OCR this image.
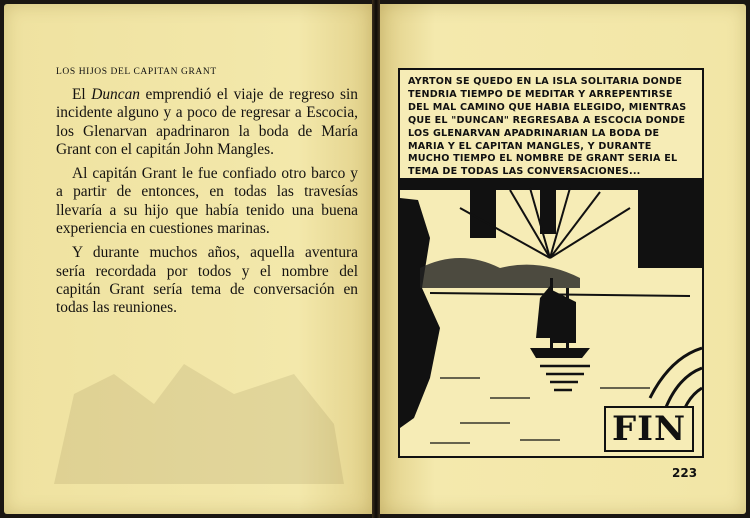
LOS HIJOS DEL CAPITAN GRANT

El Duncan emprendió el viaje de regreso sin incidente alguno y a poco de regresar a Escocia, los Glenarvan apadrinaron la boda de María Grant con el capitán John Mangles.

Al capitán Grant le fue confiado otro barco y a partir de entonces, en todas las travesías llevaría a su hijo que había tenido una buena experiencia en cuestiones marinas.

Y durante muchos años, aquella aventura sería recordada por todos y el nombre del capitán Grant sería tema de conversación en todas las reuniones.

AYRTON SE QUEDO EN LA ISLA SOLITARIA DONDE TENDRIA TIEMPO DE MEDITAR Y ARREPENTIRSE DEL MAL CAMINO QUE HABIA ELEGIDO, MIENTRAS QUE EL "DUNCAN" REGRESABA A ESCOCIA DONDE LOS GLENARVAN APADRINARIAN LA BODA DE MARIA Y EL CAPITAN MANGLES, Y DURANTE MUCHO TIEMPO EL NOMBRE DE GRANT SERIA EL TEMA DE TODAS LAS CONVERSACIONES...
FIN
223
